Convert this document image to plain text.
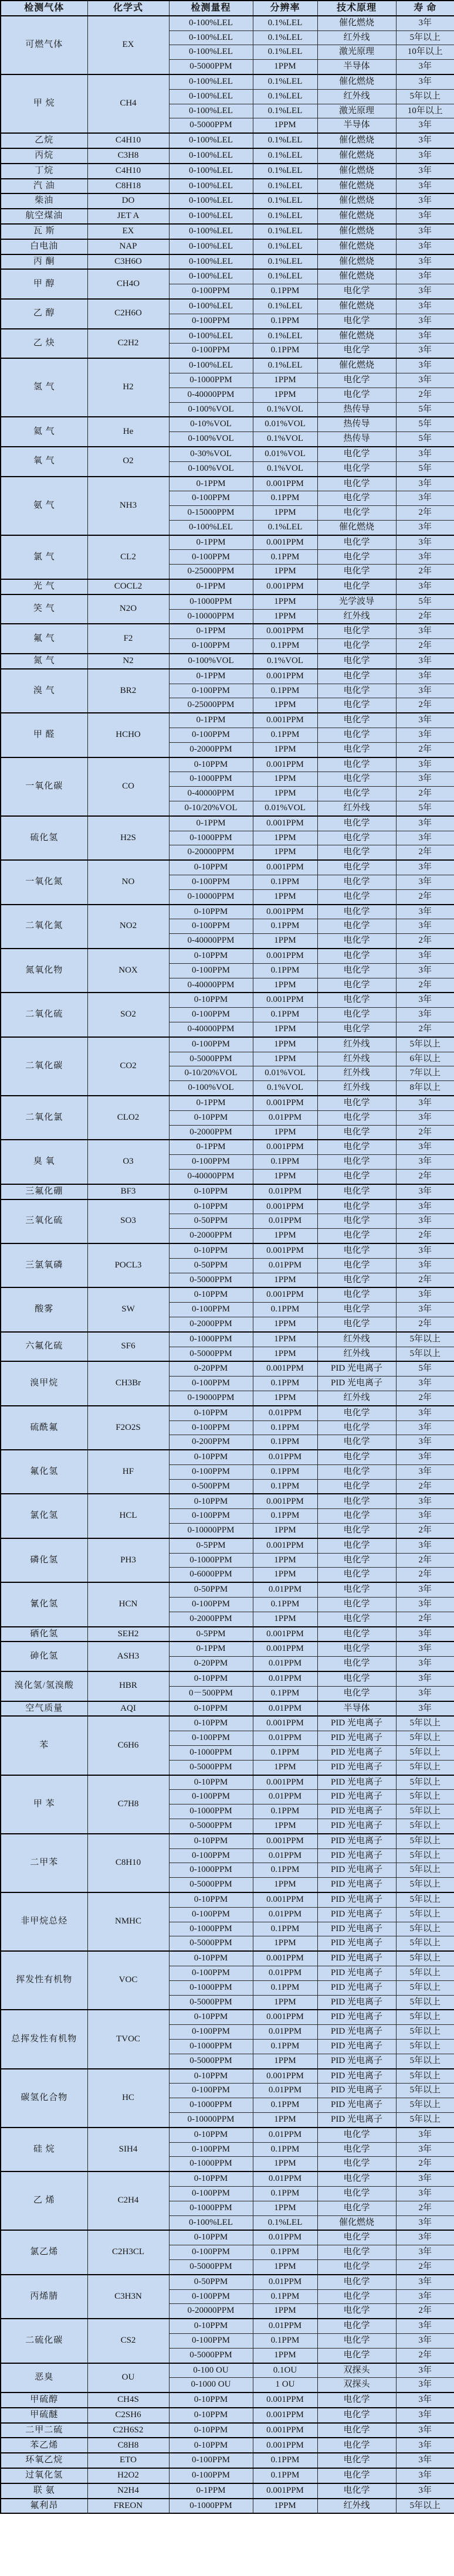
检测气体	化学式	检测量程	分辨率	技术原理	寿 命
可燃气体	EX	0-100%LEL	0.1%LEL	催化燃烧	3年
		0-100%LEL	0.1%LEL	红外线	5年以上
		0-100%LEL	0.1%LEL	激光原理	10年以上
		0-5000PPM	1PPM	半导体	3年
甲 烷	CH4	0-100%LEL	0.1%LEL	催化燃烧	3年
		0-100%LEL	0.1%LEL	红外线	5年以上
		0-100%LEL	0.1%LEL	激光原理	10年以上
		0-5000PPM	1PPM	半导体	3年
乙烷	C4H10	0-100%LEL	0.1%LEL	催化燃烧	3年
丙烷	C3H8	0-100%LEL	0.1%LEL	催化燃烧	3年
丁烷	C4H10	0-100%LEL	0.1%LEL	催化燃烧	3年
汽 油	C8H18	0-100%LEL	0.1%LEL	催化燃烧	3年
柴油	DO	0-100%LEL	0.1%LEL	催化燃烧	3年
航空煤油	JET A	0-100%LEL	0.1%LEL	催化燃烧	3年
瓦 斯	EX	0-100%LEL	0.1%LEL	催化燃烧	3年
白电油	NAP	0-100%LEL	0.1%LEL	催化燃烧	3年
丙 酮	C3H6O	0-100%LEL	0.1%LEL	催化燃烧	3年
甲 醇	CH4O	0-100%LEL	0.1%LEL	催化燃烧	3年
		0-100PPM	0.1PPM	电化学	3年
乙 醇	C2H6O	0-100%LEL	0.1%LEL	催化燃烧	3年
		0-100PPM	0.1PPM	电化学	3年
乙 炔	C2H2	0-100%LEL	0.1%LEL	催化燃烧	3年
		0-100PPM	0.1PPM	电化学	3年
氢 气	H2	0-100%LEL	0.1%LEL	催化燃烧	3年
		0-1000PPM	1PPM	电化学	3年
		0-40000PPM	1PPM	电化学	2年
		0-100%VOL	0.1%VOL	热传导	5年
氦 气	He	0-10%VOL	0.01%VOL	热传导	5年
		0-100%VOL	0.1%VOL	热传导	5年
氧 气	O2	0-30%VOL	0.01%VOL	电化学	3年
		0-100%VOL	0.1%VOL	电化学	5年
氨 气	NH3	0-1PPM	0.001PPM	电化学	3年
		0-100PPM	0.1PPM	电化学	3年
		0-15000PPM	1PPM	电化学	2年
		0-100%LEL	0.1%LEL	催化燃烧	3年
氯 气	CL2	0-1PPM	0.001PPM	电化学	3年
		0-100PPM	0.1PPM	电化学	3年
		0-25000PPM	1PPM	电化学	2年
光 气	COCL2	0-1PPM	0.001PPM	电化学	3年
笑 气	N2O	0-1000PPM	1PPM	光学波导	5年
		0-10000PPM	1PPM	红外线	2年
氟 气	F2	0-1PPM	0.001PPM	电化学	3年
		0-100PPM	0.1PPM	电化学	2年
氮 气	N2	0-100%VOL	0.1%VOL	电化学	3年
溴 气	BR2	0-1PPM	0.001PPM	电化学	3年
		0-100PPM	0.1PPM	电化学	3年
		0-25000PPM	1PPM	电化学	2年
甲 醛	HCHO	0-1PPM	0.001PPM	电化学	3年
		0-100PPM	0.1PPM	电化学	3年
		0-2000PPM	1PPM	电化学	2年
一氧化碳	CO	0-10PPM	0.001PPM	电化学	3年
		0-1000PPM	1PPM	电化学	3年
		0-40000PPM	1PPM	电化学	2年
		0-10/20%VOL	0.01%VOL	红外线	5年
硫化氢	H2S	0-1PPM	0.001PPM	电化学	3年
		0-1000PPM	1PPM	电化学	3年
		0-20000PPM	1PPM	电化学	2年
一氧化氮	NO	0-10PPM	0.001PPM	电化学	3年
		0-100PPM	0.1PPM	电化学	3年
		0-10000PPM	1PPM	电化学	2年
二氧化氮	NO2	0-10PPM	0.001PPM	电化学	3年
		0-100PPM	0.1PPM	电化学	3年
		0-40000PPM	1PPM	电化学	2年
氮氧化物	NOX	0-10PPM	0.001PPM	电化学	3年
		0-100PPM	0.1PPM	电化学	3年
		0-40000PPM	1PPM	电化学	2年
二氧化硫	SO2	0-10PPM	0.001PPM	电化学	3年
		0-100PPM	0.1PPM	电化学	3年
		0-40000PPM	1PPM	电化学	2年
二氧化碳	CO2	0-100PPM	1PPM	红外线	5年以上
		0-5000PPM	1PPM	红外线	6年以上
		0-10/20%VOL	0.01%VOL	红外线	7年以上
		0-100%VOL	0.1%VOL	红外线	8年以上
二氧化氯	CLO2	0-1PPM	0.001PPM	电化学	3年
		0-10PPM	0.01PPM	电化学	3年
		0-2000PPM	1PPM	电化学	2年
臭 氧	O3	0-1PPM	0.001PPM	电化学	3年
		0-100PPM	0.1PPM	电化学	3年
		0-40000PPM	1PPM	电化学	2年
三氟化硼	BF3	0-10PPM	0.01PPM	电化学	3年
三氧化硫	SO3	0-10PPM	0.001PPM	电化学	3年
		0-50PPM	0.01PPM	电化学	3年
		0-2000PPM	1PPM	电化学	2年
三氯氧磷	POCL3	0-10PPM	0.001PPM	电化学	3年
		0-50PPM	0.01PPM	电化学	3年
		0-5000PPM	1PPM	电化学	2年
酸雾	SW	0-10PPM	0.001PPM	电化学	3年
		0-100PPM	0.1PPM	电化学	3年
		0-2000PPM	1PPM	电化学	2年
六氟化硫	SF6	0-1000PPM	1PPM	红外线	5年以上
		0-5000PPM	1PPM	红外线	5年以上
溴甲烷	CH3Br	0-20PPM	0.001PPM	PID 光电离子	5年
		0-100PPM	0.1PPM	PID 光电离子	3年
		0-19000PPM	1PPM	红外线	2年
硫酰氟	F2O2S	0-10PPM	0.01PPM	电化学	3年
		0-100PPM	0.1PPM	电化学	3年
		0-200PPM	0.1PPM	电化学	3年
氟化氢	HF	0-10PPM	0.01PPM	电化学	3年
		0-100PPM	0.1PPM	电化学	3年
		0-500PPM	0.1PPM	电化学	2年
氯化氢	HCL	0-10PPM	0.001PPM	电化学	3年
		0-100PPM	0.1PPM	电化学	3年
		0-10000PPM	1PPM	电化学	2年
磷化氢	PH3	0-5PPM	0.001PPM	电化学	3年
		0-1000PPM	1PPM	电化学	2年
		0-6000PPM	1PPM	电化学	2年
氰化氢	HCN	0-50PPM	0.01PPM	电化学	3年
		0-100PPM	0.1PPM	电化学	3年
		0-2000PPM	1PPM	电化学	2年
硒化氢	SEH2	0-5PPM	0.001PPM	电化学	3年
砷化氢	ASH3	0-1PPM	0.001PPM	电化学	3年
		0-20PPM	0.01PPM	电化学	3年
溴化氢/氢溴酸	HBR	0-10PPM	0.01PPM	电化学	3年
		0－500PPM	0.1PPM	电化学	3年
空气质量	AQI	0-10PPM	0.01PPM	半导体	3年
苯	C6H6	0-10PPM	0.001PPM	PID 光电离子	5年以上
		0-100PPM	0.01PPM	PID 光电离子	5年以上
		0-1000PPM	0.1PPM	PID 光电离子	5年以上
		0-5000PPM	1PPM	PID 光电离子	5年以上
甲 苯	C7H8	0-10PPM	0.001PPM	PID 光电离子	5年以上
		0-100PPM	0.01PPM	PID 光电离子	5年以上
		0-1000PPM	0.1PPM	PID 光电离子	5年以上
		0-5000PPM	1PPM	PID 光电离子	5年以上
二甲苯	C8H10	0-10PPM	0.001PPM	PID 光电离子	5年以上
		0-100PPM	0.01PPM	PID 光电离子	5年以上
		0-1000PPM	0.1PPM	PID 光电离子	5年以上
		0-5000PPM	1PPM	PID 光电离子	5年以上
非甲烷总烃	NMHC	0-10PPM	0.001PPM	PID 光电离子	5年以上
		0-100PPM	0.01PPM	PID 光电离子	5年以上
		0-1000PPM	0.1PPM	PID 光电离子	5年以上
		0-5000PPM	1PPM	PID 光电离子	5年以上
挥发性有机物	VOC	0-10PPM	0.001PPM	PID 光电离子	5年以上
		0-100PPM	0.01PPM	PID 光电离子	5年以上
		0-1000PPM	0.1PPM	PID 光电离子	5年以上
		0-5000PPM	1PPM	PID 光电离子	5年以上
总挥发性有机物	TVOC	0-10PPM	0.001PPM	PID 光电离子	5年以上
		0-100PPM	0.01PPM	PID 光电离子	5年以上
		0-1000PPM	0.1PPM	PID 光电离子	5年以上
		0-5000PPM	1PPM	PID 光电离子	5年以上
碳氢化合物	HC	0-10PPM	0.001PPM	PID 光电离子	5年以上
		0-100PPM	0.01PPM	PID 光电离子	5年以上
		0-1000PPM	0.1PPM	PID 光电离子	5年以上
		0-10000PPM	1PPM	PID 光电离子	5年以上
硅 烷	SIH4	0-10PPM	0.01PPM	电化学	3年
		0-100PPM	0.1PPM	电化学	3年
		0-1000PPM	1PPM	电化学	2年
乙 烯	C2H4	0-10PPM	0.01PPM	电化学	3年
		0-100PPM	0.1PPM	电化学	3年
		0-1000PPM	1PPM	电化学	2年
		0-100%LEL	0.1%LEL	催化燃烧	3年
氯乙烯	C2H3CL	0-10PPM	0.01PPM	电化学	3年
		0-100PPM	0.1PPM	电化学	3年
		0-5000PPM	1PPM	电化学	2年
丙烯腈	C3H3N	0-50PPM	0.01PPM	电化学	3年
		0-100PPM	0.1PPM	电化学	3年
		0-20000PPM	1PPM	电化学	2年
二硫化碳	CS2	0-10PPM	0.01PPM	电化学	3年
		0-100PPM	0.1PPM	电化学	3年
		0-5000PPM	1PPM	电化学	2年
恶臭	OU	0-100 OU	0.1OU	双探头	3年
		0-1000 OU	1 OU	双探头	3年
甲硫醇	CH4S	0-10PPM	0.001PPM	电化学	3年
甲硫醚	C2SH6	0-10PPM	0.001PPM	电化学	3年
二甲二硫	C2H6S2	0-10PPM	0.001PPM	电化学	3年
苯乙烯	C8H8	0-10PPM	0.001PPM	电化学	3年
环氧乙烷	ETO	0-100PPM	0.1PPM	电化学	3年
过氧化氢	H2O2	0-100PPM	0.1PPM	电化学	3年
联 氨	N2H4	0-1PPM	0.001PPM	电化学	3年
氟利昂	FREON	0-1000PPM	1PPM	红外线	5年以上
